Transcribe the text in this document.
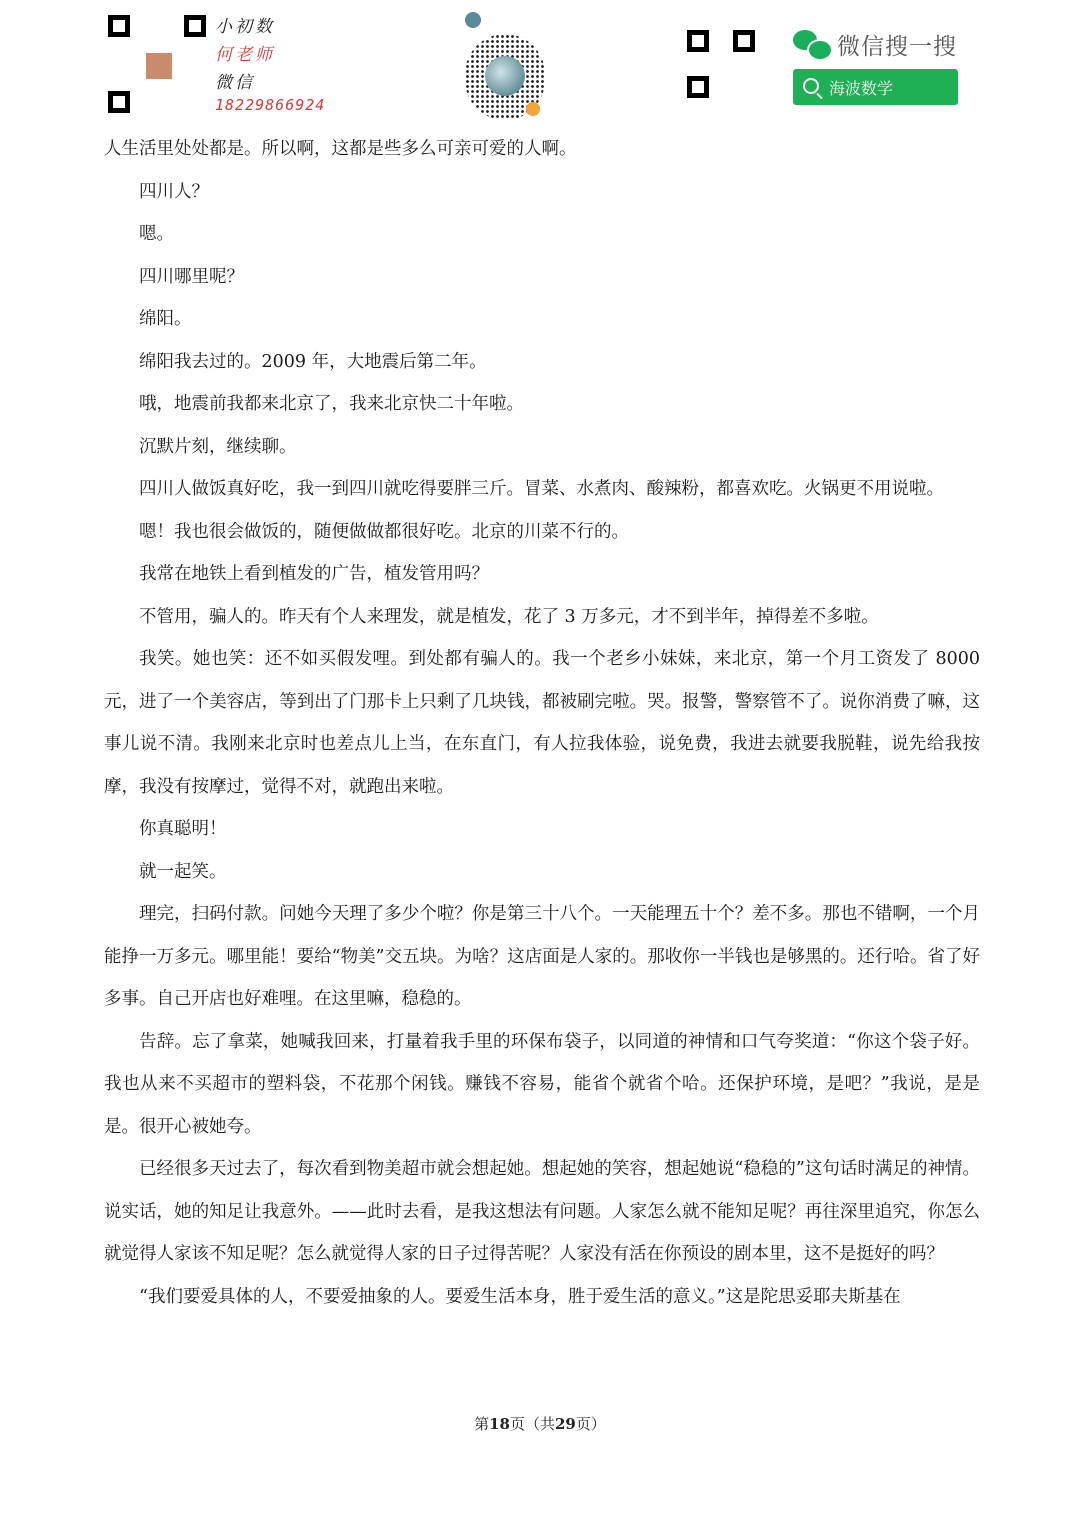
小初数
何老师
微信
18229866924
微信搜一搜
海波数学

人生活里处处都是。所以啊，这都是些多么可亲可爱的人啊。

四川人？

嗯。

四川哪里呢？

绵阳。

绵阳我去过的。2009 年，大地震后第二年。

哦，地震前我都来北京了，我来北京快二十年啦。

沉默片刻，继续聊。

四川人做饭真好吃，我一到四川就吃得要胖三斤。冒菜、水煮肉、酸辣粉，都喜欢吃。火锅更不用说啦。

嗯！我也很会做饭的，随便做做都很好吃。北京的川菜不行的。

我常在地铁上看到植发的广告，植发管用吗？

不管用，骗人的。昨天有个人来理发，就是植发，花了 3 万多元，才不到半年，掉得差不多啦。

我笑。她也笑：还不如买假发哩。到处都有骗人的。我一个老乡小妹妹，来北京，第一个月工资发了 8000 元，进了一个美容店，等到出了门那卡上只剩了几块钱，都被刷完啦。哭。报警，警察管不了。说你消费了嘛，这事儿说不清。我刚来北京时也差点儿上当，在东直门，有人拉我体验，说免费，我进去就要我脱鞋，说先给我按摩，我没有按摩过，觉得不对，就跑出来啦。

你真聪明！

就一起笑。

理完，扫码付款。问她今天理了多少个啦？你是第三十八个。一天能理五十个？差不多。那也不错啊，一个月能挣一万多元。哪里能！要给“物美”交五块。为啥？这店面是人家的。那收你一半钱也是够黑的。还行哈。省了好多事。自己开店也好难哩。在这里嘛，稳稳的。

告辞。忘了拿菜，她喊我回来，打量着我手里的环保布袋子，以同道的神情和口气夸奖道：“你这个袋子好。我也从来不买超市的塑料袋，不花那个闲钱。赚钱不容易，能省个就省个哈。还保护环境，是吧？”我说，是是是。很开心被她夸。

已经很多天过去了，每次看到物美超市就会想起她。想起她的笑容，想起她说“稳稳的”这句话时满足的神情。说实话，她的知足让我意外。——此时去看，是我这想法有问题。人家怎么就不能知足呢？再往深里追究，你怎么就觉得人家该不知足呢？怎么就觉得人家的日子过得苦呢？人家没有活在你预设的剧本里，这不是挺好的吗？

“我们要爱具体的人，不要爱抽象的人。要爱生活本身，胜于爱生活的意义。”这是陀思妥耶夫斯基在

第18页（共29页）
